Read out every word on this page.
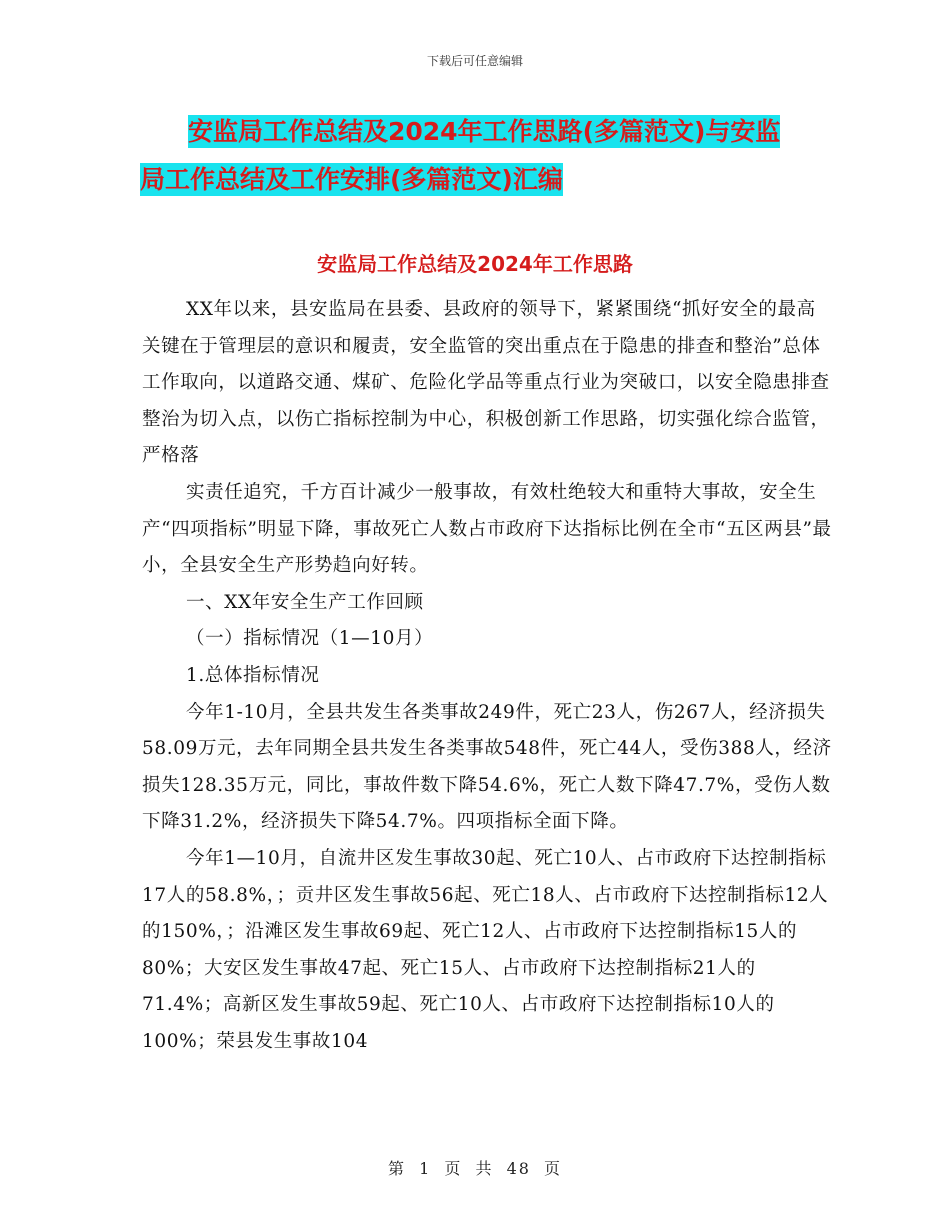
下载后可任意编辑
安监局工作总结及2024年工作思路(多篇范文)与安监
局工作总结及工作安排(多篇范文)汇编
安监局工作总结及2024年工作思路

XX年以来，县安监局在县委、县政府的领导下，紧紧围绕“抓好安全的最高关键在于管理层的意识和履责，安全监管的突出重点在于隐患的排查和整治”总体工作取向，以道路交通、煤矿、危险化学品等重点行业为突破口，以安全隐患排查整治为切入点，以伤亡指标控制为中心，积极创新工作思路，切实强化综合监管，严格落

实责任追究，千方百计减少一般事故，有效杜绝较大和重特大事故，安全生产“四项指标”明显下降，事故死亡人数占市政府下达指标比例在全市“五区两县”最小，全县安全生产形势趋向好转。

一、XX年安全生产工作回顾

（一）指标情况（1—10月）

1.总体指标情况

今年1-10月，全县共发生各类事故249件，死亡23人，伤267人，经济损失58.09万元，去年同期全县共发生各类事故548件，死亡44人，受伤388人，经济损失128.35万元，同比，事故件数下降54.6%，死亡人数下降47.7%，受伤人数下降31.2%，经济损失下降54.7%。四项指标全面下降。

今年1—10月，自流井区发生事故30起、死亡10人、占市政府下达控制指标17人的58.8%，；贡井区发生事故56起、死亡18人、占市政府下达控制指标12人的150%，；沿滩区发生事故69起、死亡12人、占市政府下达控制指标15人的80%；大安区发生事故47起、死亡15人、占市政府下达控制指标21人的71.4%；高新区发生事故59起、死亡10人、占市政府下达控制指标10人的100%；荣县发生事故104

第 1 页 共 48 页
